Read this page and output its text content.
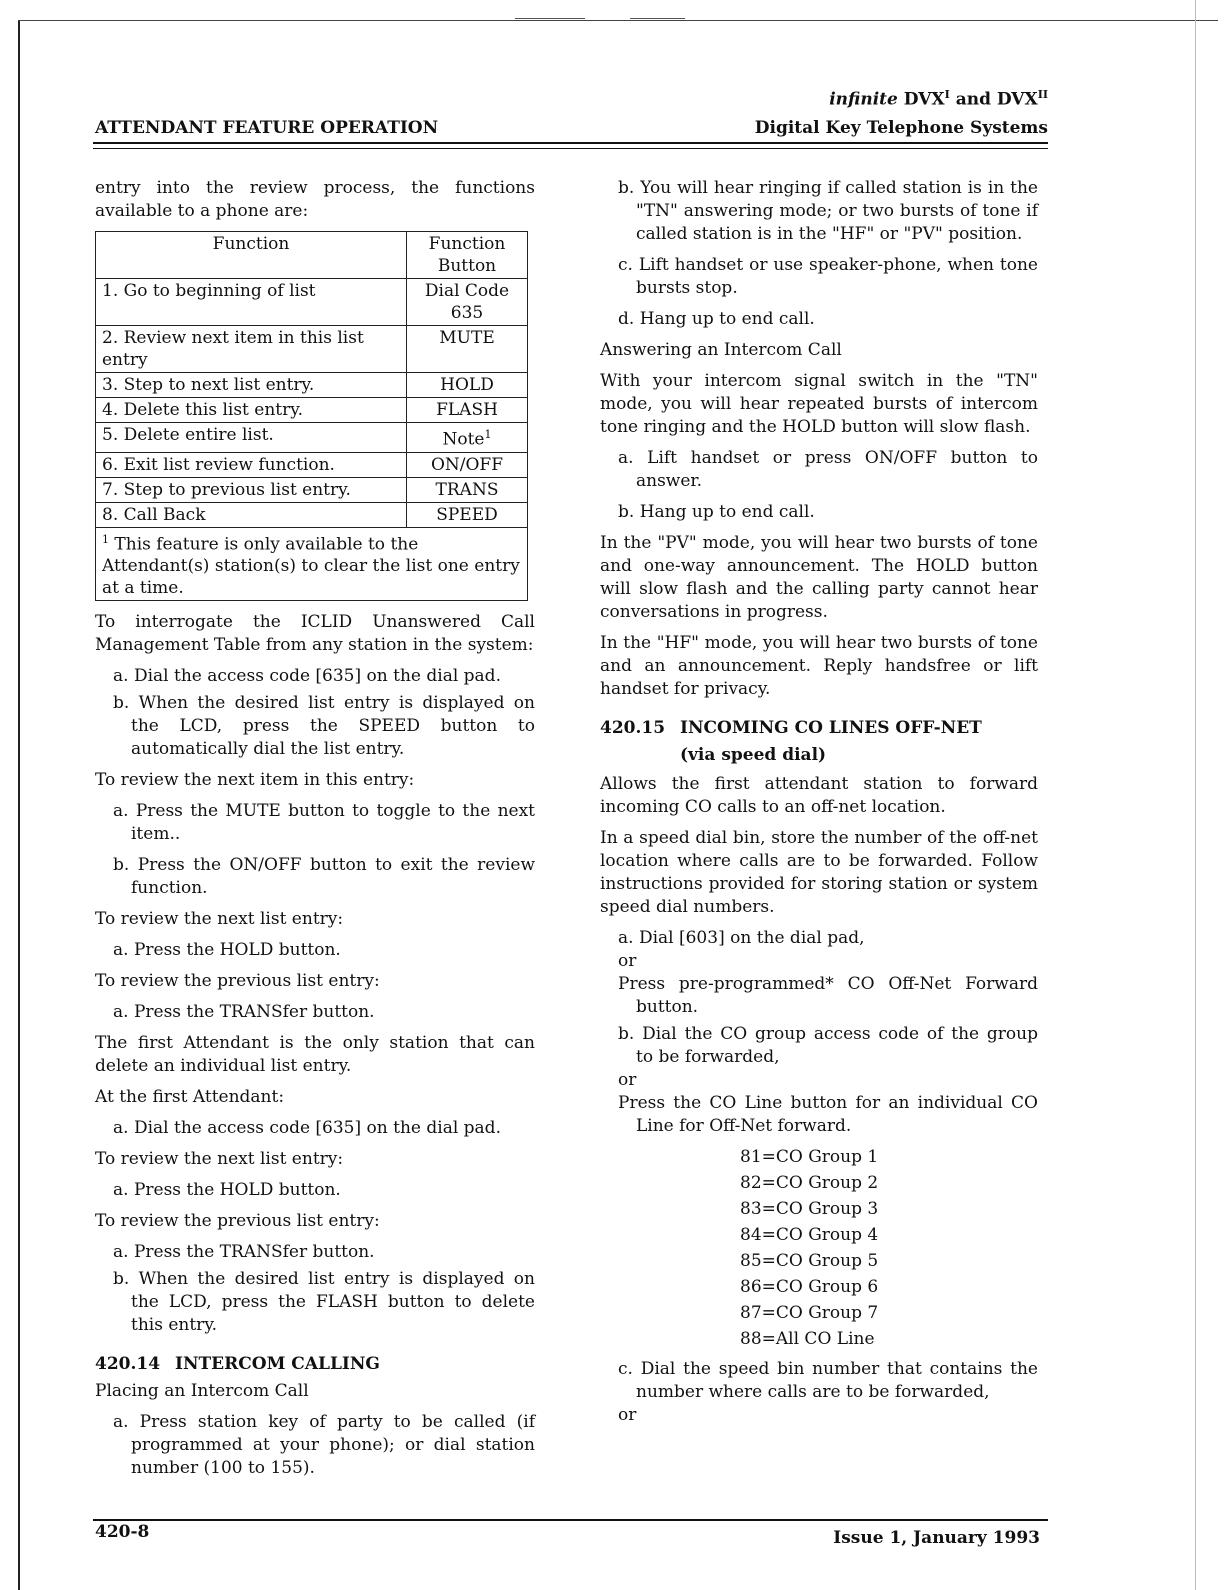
ATTENDANT FEATURE OPERATION
infinite $DVX^I$ and $DVX^{II}$
Digital Key Telephone Systems

entry into the review process, the functions available to a phone are:

Function	Function Button
1. Go to beginning of list	Dial Code 635
2. Review next item in this list entry	MUTE
3. Step to next list entry.	HOLD
4. Delete this list entry.	FLASH
5. Delete entire list.	Note$^1$
6. Exit list review function.	ON/OFF
7. Step to previous list entry.	TRANS
8. Call Back	SPEED
$^1$ This feature is only available to the Attendant(s) station(s) to clear the list one entry at a time.	

To interrogate the ICLID Unanswered Call Management Table from any station in the system:

a. Dial the access code [635] on the dial pad.
b. When the desired list entry is displayed on the LCD, press the SPEED button to automatically dial the list entry.

To review the next item in this entry:

a. Press the MUTE button to toggle to the next item..
b. Press the ON/OFF button to exit the review function.

To review the next list entry:

a. Press the HOLD button.

To review the previous list entry:

a. Press the TRANSfer button.

The first Attendant is the only station that can delete an individual list entry.

At the first Attendant:

a. Dial the access code [635] on the dial pad.

To review the next list entry:

a. Press the HOLD button.

To review the previous list entry:

a. Press the TRANSfer button.
b. When the desired list entry is displayed on the LCD, press the FLASH button to delete this entry.
420.14 INTERCOM CALLING

Placing an Intercom Call

a. Press station key of party to be called (if programmed at your phone); or dial station number (100 to 155).
b. You will hear ringing if called station is in the "TN" answering mode; or two bursts of tone if called station is in the "HF" or "PV" position.
c. Lift handset or use speaker-phone, when tone bursts stop.
d. Hang up to end call.

Answering an Intercom Call

With your intercom signal switch in the "TN" mode, you will hear repeated bursts of intercom tone ringing and the HOLD button will slow flash.

a. Lift handset or press ON/OFF button to answer.
b. Hang up to end call.

In the "PV" mode, you will hear two bursts of tone and one-way announcement. The HOLD button will slow flash and the calling party cannot hear conversations in progress.

In the "HF" mode, you will hear two bursts of tone and an announcement. Reply handsfree or lift handset for privacy.

420.15 INCOMING CO LINES OFF-NET
(via speed dial)

Allows the first attendant station to forward incoming CO calls to an off-net location.

In a speed dial bin, store the number of the off-net location where calls are to be forwarded. Follow instructions provided for storing station or system speed dial numbers.

a. Dial [603] on the dial pad,
or
Press pre-programmed* CO Off-Net Forward button.
b. Dial the CO group access code of the group to be forwarded,
or
Press the CO Line button for an individual CO Line for Off-Net forward.
81=CO Group 1
82=CO Group 2
83=CO Group 3
84=CO Group 4
85=CO Group 5
86=CO Group 6
87=CO Group 7
88=All CO Line
c. Dial the speed bin number that contains the number where calls are to be forwarded,
or
420-8	Issue 1, January 1993
